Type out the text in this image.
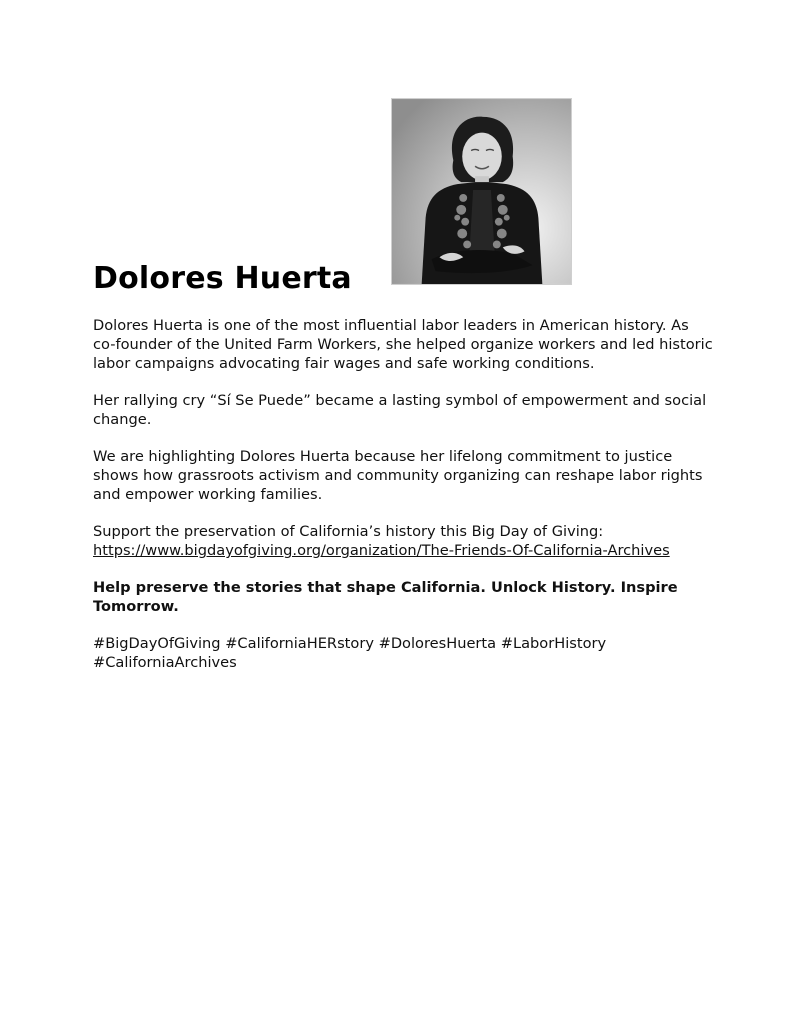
Dolores Huerta

Dolores Huerta is one of the most influential labor leaders in American history. As co-founder of the United Farm Workers, she helped organize workers and led historic labor campaigns advocating fair wages and safe working conditions.

Her rallying cry “Sí Se Puede” became a lasting symbol of empowerment and social change.

We are highlighting Dolores Huerta because her lifelong commitment to justice shows how grassroots activism and community organizing can reshape labor rights and empower working families.

Support the preservation of California’s history this Big Day of Giving:
https://www.bigdayofgiving.org/organization/The-Friends-Of-California-Archives

Help preserve the stories that shape California. Unlock History. Inspire Tomorrow.

#BigDayOfGiving #CaliforniaHERstory #DoloresHuerta #LaborHistory #CaliforniaArchives
